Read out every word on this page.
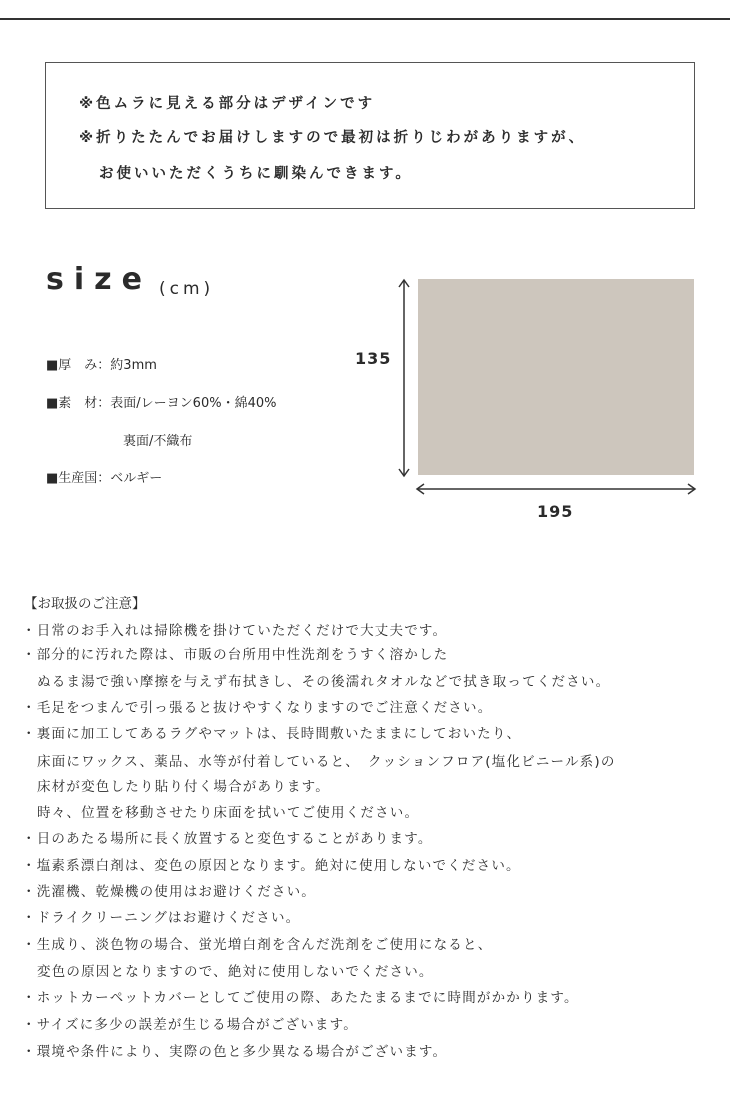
※色ムラに見える部分はデザインです
※折りたたんでお届けしますので最初は折りじわがありますが、
お使いいただくうちに馴染んできます。
size (cm)
■厚　み：約3mm
■素　材：表面/レーヨン60%・綿40%
裏面/不織布
■生産国：ベルギー
135
195
【お取扱のご注意】
・日常のお手入れは掃除機を掛けていただくだけで大丈夫です。
・部分的に汚れた際は、市販の台所用中性洗剤をうすく溶かした
ぬるま湯で強い摩擦を与えず布拭きし、その後濡れタオルなどで拭き取ってください。
・毛足をつまんで引っ張ると抜けやすくなりますのでご注意ください。
・裏面に加工してあるラグやマットは、長時間敷いたままにしておいたり、
床面にワックス、薬品、水等が付着していると、　クッションフロア(塩化ビニール系)の
床材が変色したり貼り付く場合があります。
時々、位置を移動させたり床面を拭いてご使用ください。
・日のあたる場所に長く放置すると変色することがあります。
・塩素系漂白剤は、変色の原因となります。絶対に使用しないでください。
・洗濯機、乾燥機の使用はお避けください。
・ドライクリーニングはお避けください。
・生成り、淡色物の場合、蛍光増白剤を含んだ洗剤をご使用になると、
変色の原因となりますので、絶対に使用しないでください。
・ホットカーペットカバーとしてご使用の際、あたたまるまでに時間がかかります。
・サイズに多少の誤差が生じる場合がございます。
・環境や条件により、実際の色と多少異なる場合がございます。
